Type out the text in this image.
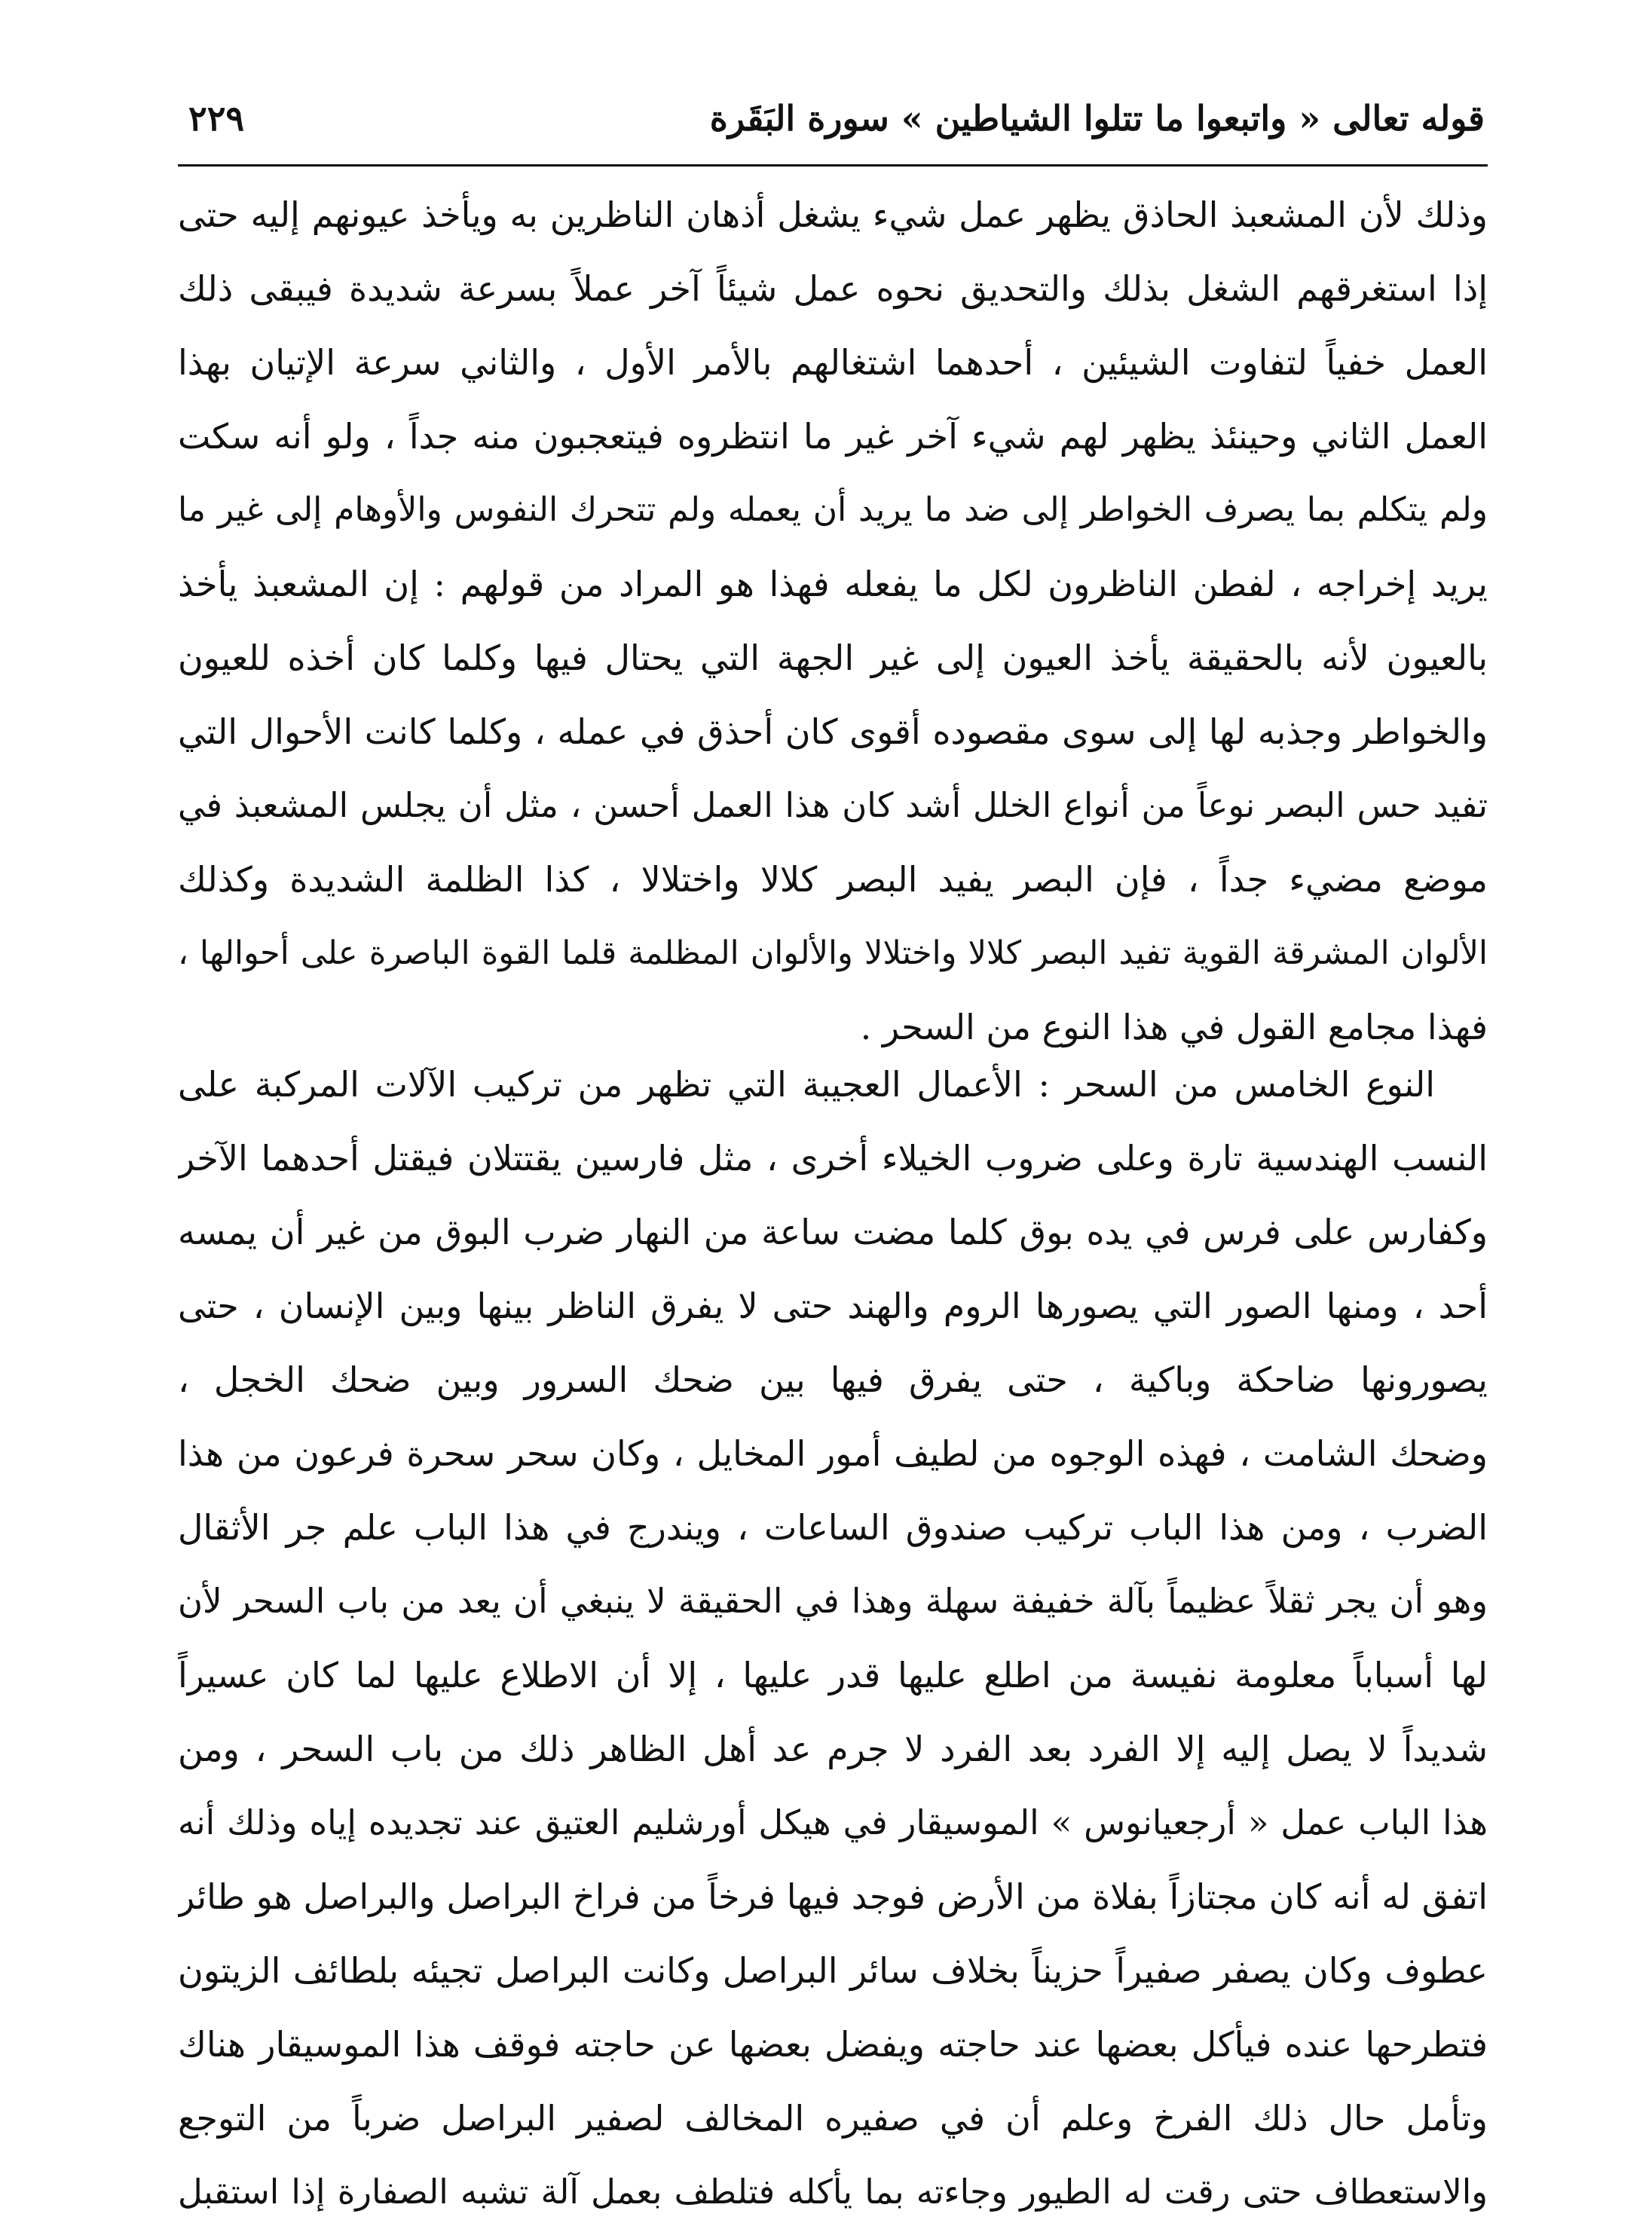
قوله تعالى « واتبعوا ما تتلوا الشياطين » سورة البَقَرة
٢٢٩
وذلك لأن المشعبذ الحاذق يظهر عمل شيء يشغل أذهان الناظرين به ويأخذ عيونهم إليه حتى
إذا استغرقهم الشغل بذلك والتحديق نحوه عمل شيئاً آخر عملاً بسرعة شديدة فيبقى ذلك
العمل خفياً لتفاوت الشيئين ، أحدهما اشتغالهم بالأمر الأول ، والثاني سرعة الإتيان بهذا
العمل الثاني وحينئذ يظهر لهم شيء آخر غير ما انتظروه فيتعجبون منه جداً ، ولو أنه سكت
ولم يتكلم بما يصرف الخواطر إلى ضد ما يريد أن يعمله ولم تتحرك النفوس والأوهام إلى غير ما
يريد إخراجه ، لفطن الناظرون لكل ما يفعله فهذا هو المراد من قولهم : إن المشعبذ يأخذ
بالعيون لأنه بالحقيقة يأخذ العيون إلى غير الجهة التي يحتال فيها وكلما كان أخذه للعيون
والخواطر وجذبه لها إلى سوى مقصوده أقوى كان أحذق في عمله ، وكلما كانت الأحوال التي
تفيد حس البصر نوعاً من أنواع الخلل أشد كان هذا العمل أحسن ، مثل أن يجلس المشعبذ في
موضع مضيء جداً ، فإن البصر يفيد البصر كلالا واختلالا ، كذا الظلمة الشديدة وكذلك
الألوان المشرقة القوية تفيد البصر كلالا واختلالا والألوان المظلمة قلما القوة الباصرة على أحوالها ،
فهذا مجامع القول في هذا النوع من السحر .
النوع الخامس من السحر : الأعمال العجيبة التي تظهر من تركيب الآلات المركبة على
النسب الهندسية تارة وعلى ضروب الخيلاء أخرى ، مثل فارسين يقتتلان فيقتل أحدهما الآخر
وكفارس على فرس في يده بوق كلما مضت ساعة من النهار ضرب البوق من غير أن يمسه
أحد ، ومنها الصور التي يصورها الروم والهند حتى لا يفرق الناظر بينها وبين الإنسان ، حتى
يصورونها ضاحكة وباكية ، حتى يفرق فيها بين ضحك السرور وبين ضحك الخجل ،
وضحك الشامت ، فهذه الوجوه من لطيف أمور المخايل ، وكان سحر سحرة فرعون من هذا
الضرب ، ومن هذا الباب تركيب صندوق الساعات ، ويندرج في هذا الباب علم جر الأثقال
وهو أن يجر ثقلاً عظيماً بآلة خفيفة سهلة وهذا في الحقيقة لا ينبغي أن يعد من باب السحر لأن
لها أسباباً معلومة نفيسة من اطلع عليها قدر عليها ، إلا أن الاطلاع عليها لما كان عسيراً
شديداً لا يصل إليه إلا الفرد بعد الفرد لا جرم عد أهل الظاهر ذلك من باب السحر ، ومن
هذا الباب عمل « أرجعيانوس » الموسيقار في هيكل أورشليم العتيق عند تجديده إياه وذلك أنه
اتفق له أنه كان مجتازاً بفلاة من الأرض فوجد فيها فرخاً من فراخ البراصل والبراصل هو طائر
عطوف وكان يصفر صفيراً حزيناً بخلاف سائر البراصل وكانت البراصل تجيئه بلطائف الزيتون
فتطرحها عنده فيأكل بعضها عند حاجته ويفضل بعضها عن حاجته فوقف هذا الموسيقار هناك
وتأمل حال ذلك الفرخ وعلم أن في صفيره المخالف لصفير البراصل ضرباً من التوجع
والاستعطاف حتى رقت له الطيور وجاءته بما يأكله فتلطف بعمل آلة تشبه الصفارة إذا استقبل
